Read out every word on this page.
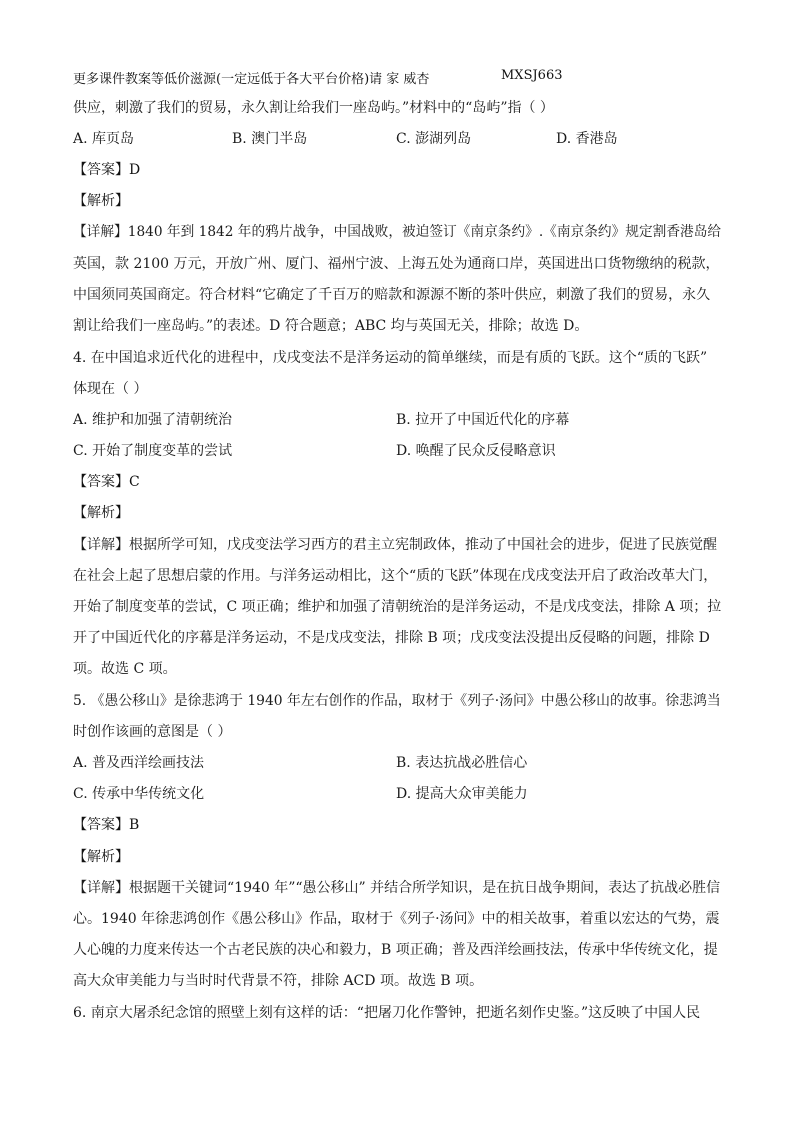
更多课件教案等低价滋源(一定远低于各大平台价格)请 家 威杏	MXSJ663
供应，刺激了我们的贸易，永久割让给我们一座岛屿。”材料中的“岛屿”指（ ）
A. 库页岛	B. 澳门半岛	C. 澎湖列岛	D. 香港岛
【答案】D
【解析】
【详解】1840 年到 1842 年的鸦片战争，中国战败，被迫签订《南京条约》.《南京条约》规定割香港岛给
英国，款 2100 万元，开放广州、厦门、福州宁波、上海五处为通商口岸，英国进出口货物缴纳的税款，
中国须同英国商定。符合材料“它确定了千百万的赔款和源源不断的茶叶供应，刺激了我们的贸易，永久
割让给我们一座岛屿。”的表述。D 符合题意；ABC 均与英国无关，排除；故选 D。
4. 在中国追求近代化的进程中，戊戌变法不是洋务运动的简单继续，而是有质的飞跃。这个“质的飞跃”
体现在（ ）
A. 维护和加强了清朝统治	B. 拉开了中国近代化的序幕
C. 开始了制度变革的尝试	D. 唤醒了民众反侵略意识
【答案】C
【解析】
【详解】根据所学可知，戊戌变法学习西方的君主立宪制政体，推动了中国社会的进步，促进了民族觉醒
在社会上起了思想启蒙的作用。与洋务运动相比，这个“质的飞跃”体现在戊戌变法开启了政治改革大门，
开始了制度变革的尝试，C 项正确；维护和加强了清朝统治的是洋务运动，不是戊戌变法，排除 A 项；拉
开了中国近代化的序幕是洋务运动，不是戊戌变法，排除 B 项；戊戌变法没提出反侵略的问题，排除 D
项。故选 C 项。
5. 《愚公移山》是徐悲鸿于 1940 年左右创作的作品，取材于《列子·汤问》中愚公移山的故事。徐悲鸿当
时创作该画的意图是（ ）
A. 普及西洋绘画技法	B. 表达抗战必胜信心
C. 传承中华传统文化	D. 提高大众审美能力
【答案】B
【解析】
【详解】根据题干关键词“1940 年”“愚公移山” 并结合所学知识，是在抗日战争期间，表达了抗战必胜信
心。1940 年徐悲鸿创作《愚公移山》作品，取材于《列子·汤问》中的相关故事，着重以宏达的气势，震
人心魄的力度来传达一个古老民族的决心和毅力，B 项正确；普及西洋绘画技法，传承中华传统文化，提
高大众审美能力与当时时代背景不符，排除 ACD 项。故选 B 项。
6. 南京大屠杀纪念馆的照壁上刻有这样的话：“把屠刀化作警钟，把逝名刻作史鉴。”这反映了中国人民
